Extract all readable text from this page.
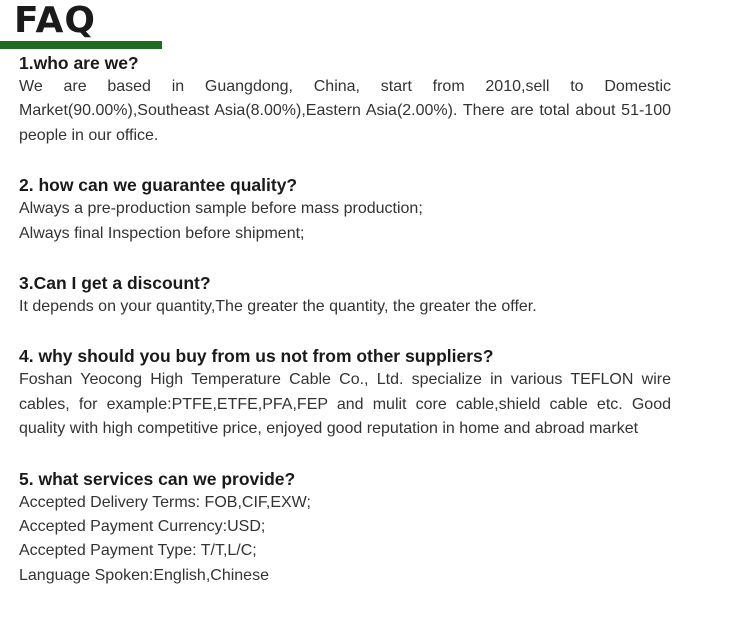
FAQ

1.who are we?

We are based in Guangdong, China, start from 2010,sell to Domestic Market(90.00%),Southeast Asia(8.00%),Eastern Asia(2.00%). There are total about 51-100 people in our office.

2. how can we guarantee quality?

Always a pre-production sample before mass production;

Always final Inspection before shipment;

3.Can I get a discount?

It depends on your quantity,The greater the quantity, the greater the offer.

4. why should you buy from us not from other suppliers?

Foshan Yeocong High Temperature Cable Co., Ltd. specialize in various TEFLON wire cables, for example:PTFE,ETFE,PFA,FEP and mulit core cable,shield cable etc. Good quality with high competitive price, enjoyed good reputation in home and abroad market

5. what services can we provide?

Accepted Delivery Terms: FOB,CIF,EXW;

Accepted Payment Currency:USD;

Accepted Payment Type: T/T,L/C;

Language Spoken:English,Chinese
